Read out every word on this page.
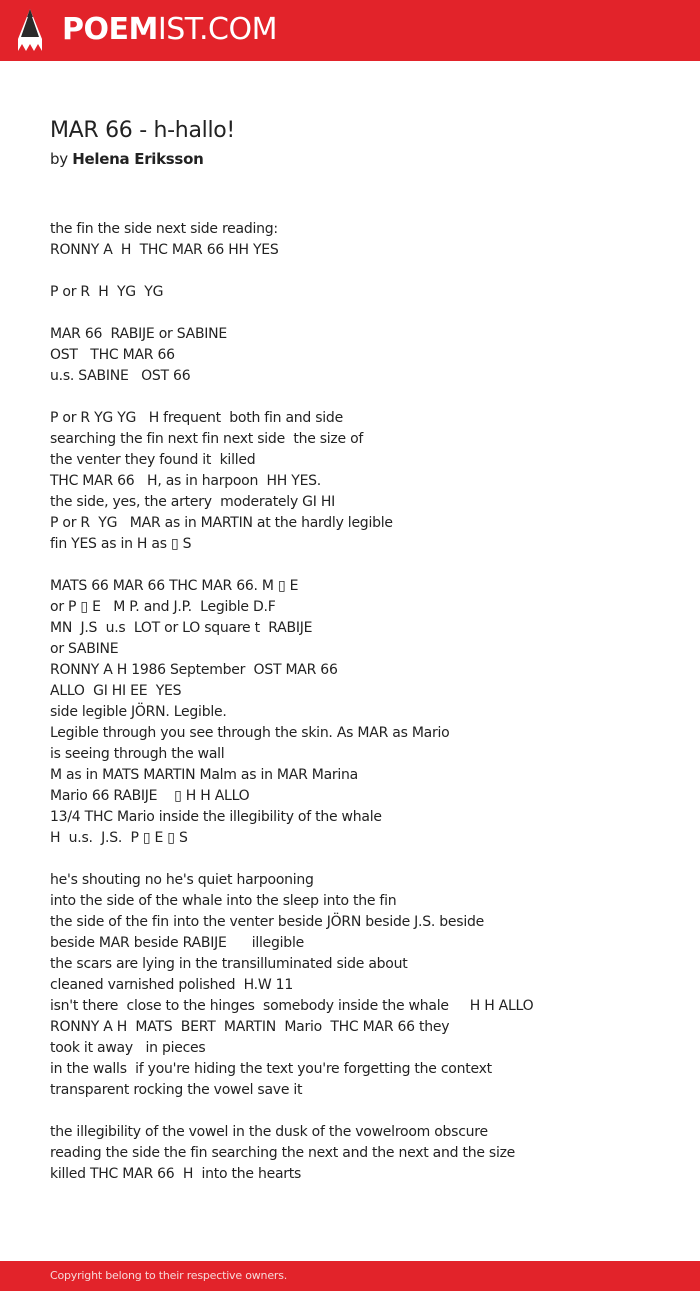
POEMIST.COM
MAR 66 - h-hallo!
by Helena Eriksson
the fin the side next side reading:
RONNY A  H  THC MAR 66 HH YES
P or R  H  YG  YG
MAR 66  RABIJE or SABINE
OST   THC MAR 66
u.s. SABINE   OST 66
P or R YG YG   H frequent  both fin and side
searching the fin next fin next side  the size of
the venter they found it  killed
THC MAR 66   H, as in harpoon  HH YES.
the side, yes, the artery  moderately GI HI
P or R  YG   MAR as in MARTIN at the hardly legible
fin YES as in H as ▯ S
MATS 66 MAR 66 THC MAR 66. M ▯ E
or P ▯ E   M P. and J.P.  Legible D.F
MN  J.S  u.s  LOT or LO square t  RABIJE
or SABINE
RONNY A H 1986 September  OST MAR 66
ALLO  GI HI EE  YES
side legible JÖRN. Legible.
Legible through you see through the skin. As MAR as Mario
is seeing through the wall
M as in MATS MARTIN Malm as in MAR Marina
Mario 66 RABIJE    ▯ H H ALLO
13/4 THC Mario inside the illegibility of the whale
H  u.s.  J.S.  P ▯ E ▯ S
he's shouting no he's quiet harpooning
into the side of the whale into the sleep into the fin
the side of the fin into the venter beside JÖRN beside J.S. beside
beside MAR beside RABIJE      illegible
the scars are lying in the transilluminated side about
cleaned varnished polished  H.W 11
isn't there  close to the hinges  somebody inside the whale     H H ALLO
RONNY A H  MATS  BERT  MARTIN  Mario  THC MAR 66 they
took it away   in pieces
in the walls  if you're hiding the text you're forgetting the context
transparent rocking the vowel save it
the illegibility of the vowel in the dusk of the vowelroom obscure
reading the side the fin searching the next and the next and the size
killed THC MAR 66  H  into the hearts
Copyright belong to their respective owners.
